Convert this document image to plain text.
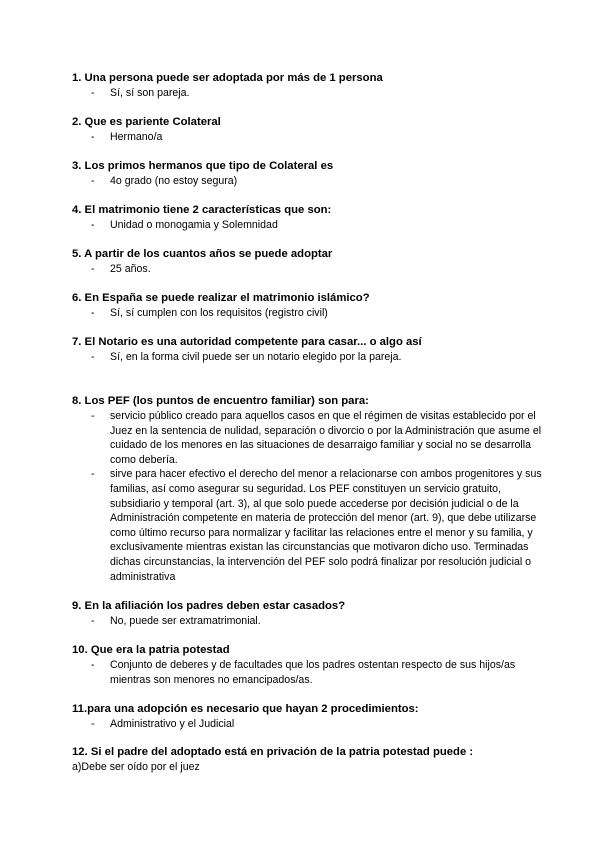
1. Una persona puede ser adoptada por más de 1 persona

- Sí, sí son pareja.

2. Que es pariente Colateral

- Hermano/a

3. Los primos hermanos que tipo de Colateral es

- 4o grado (no estoy segura)

4. El matrimonio tiene 2 características que son:

- Unidad o monogamia y Solemnidad

5. A partir de los cuantos años se puede adoptar

- 25 años.

6. En España se puede realizar el matrimonio islámico?

- Sí, sí cumplen con los requisitos (registro civil)

7. El Notario es una autoridad competente para casar... o algo así

- Sí, en la forma civil puede ser un notario elegido por la pareja.

8. Los PEF (los puntos de encuentro familiar) son para:

- servicio público creado para aquellos casos en que el régimen de visitas establecido por el Juez en la sentencia de nulidad, separación o divorcio o por la Administración que asume el cuidado de los menores en las situaciones de desarraigo familiar y social no se desarrolla como debería.
- sirve para hacer efectivo el derecho del menor a relacionarse con ambos progenitores y sus familias, así como asegurar su seguridad. Los PEF constituyen un servicio gratuito, subsidiario y temporal (art. 3), al que solo puede accederse por decisión judicial o de la Administración competente en materia de protección del menor (art. 9), que debe utilizarse como último recurso para normalizar y facilitar las relaciones entre el menor y su familia, y exclusivamente mientras existan las circunstancias que motivaron dicho uso. Terminadas dichas circunstancias, la intervención del PEF solo podrá finalizar por resolución judicial o administrativa

9. En la afiliación los padres deben estar casados?

- No, puede ser extramatrimonial.

10. Que era la patria potestad

- Conjunto de deberes y de facultades que los padres ostentan respecto de sus hijos/as mientras son menores no emancipados/as.

11.para una adopción es necesario que hayan 2 procedimientos:

- Administrativo y el Judicial

12. Si el padre del adoptado está en privación de la patria potestad puede :

a)Debe ser oído por el juez
